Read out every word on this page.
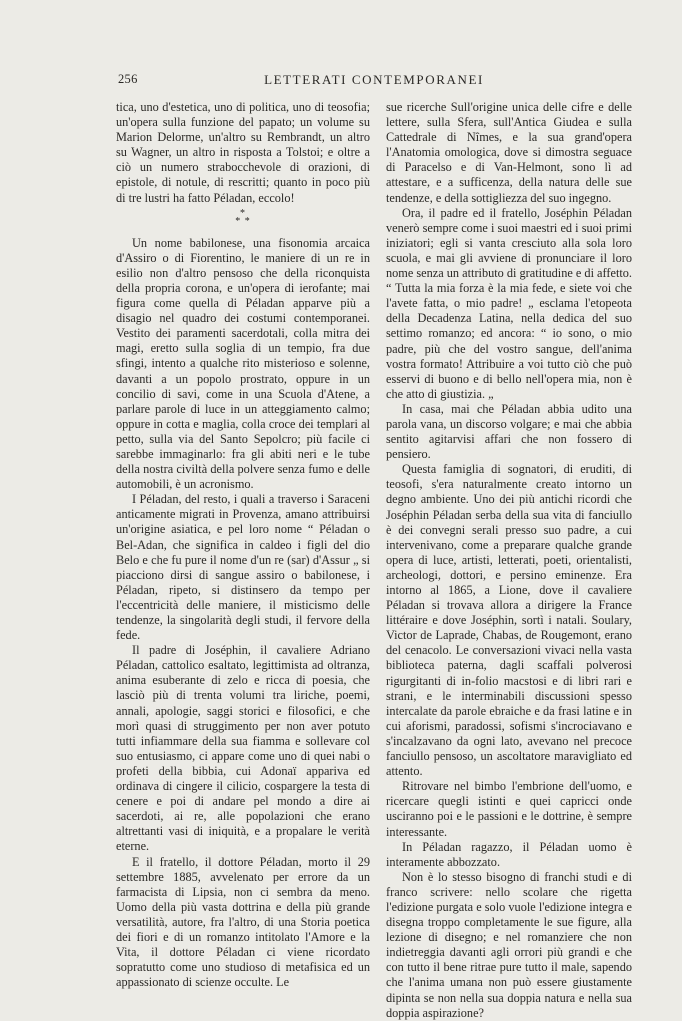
256	LETTERATI CONTEMPORANEI

tica, uno d'estetica, uno di politica, uno di teosofia; un'opera sulla funzione del papato; un volume su Marion Delorme, un'altro su Rembrandt, un altro su Wagner, un altro in risposta a Tolstoi; e oltre a ciò un numero strabocchevole di orazioni, di epistole, di notule, di rescritti; quanto in poco più di tre lustri ha fatto Péladan, eccolo!

*
* *

Un nome babilonese, una fisonomia arcaica d'Assiro o di Fiorentino, le maniere di un re in esilio non d'altro pensoso che della riconquista della propria corona, e un'opera di ierofante; mai figura come quella di Péladan apparve più a disagio nel quadro dei costumi contemporanei. Vestito dei paramenti sacerdotali, colla mitra dei magi, eretto sulla soglia di un tempio, fra due sfingi, intento a qualche rito misterioso e solenne, davanti a un popolo prostrato, oppure in un concilio di savi, come in una Scuola d'Atene, a parlare parole di luce in un atteggiamento calmo; oppure in cotta e maglia, colla croce dei templari al petto, sulla via del Santo Sepolcro; più facile ci sarebbe immaginarlo: fra gli abiti neri e le tube della nostra civiltà della polvere senza fumo e delle automobili, è un acronismo.

I Péladan, del resto, i quali a traverso i Saraceni anticamente migrati in Provenza, amano attribuirsi un'origine asiatica, e pel loro nome “ Péladan o Bel-Adan, che significa in caldeo i figli del dio Belo e che fu pure il nome d'un re (sar) d'Assur „ si piacciono dirsi di sangue assiro o babilonese, i Péladan, ripeto, si distinsero da tempo per l'eccentricità delle maniere, il misticismo delle tendenze, la singolarità degli studi, il fervore della fede.

Il padre di Joséphin, il cavaliere Adriano Péladan, cattolico esaltato, legittimista ad oltranza, anima esuberante di zelo e ricca di poesia, che lasciò più di trenta volumi tra liriche, poemi, annali, apologie, saggi storici e filosofici, e che morì quasi di struggimento per non aver potuto tutti infiammare della sua fiamma e sollevare col suo entusiasmo, ci appare come uno di quei nabi o profeti della bibbia, cui Adonaï appariva ed ordinava di cingere il cilicio, cospargere la testa di cenere e poi di andare pel mondo a dire ai sacerdoti, ai re, alle popolazioni che erano altrettanti vasi di iniquità, e a propalare le verità eterne.

E il fratello, il dottore Péladan, morto il 29 settembre 1885, avvelenato per errore da un farmacista di Lipsia, non ci sembra da meno. Uomo della più vasta dottrina e della più grande versatilità, autore, fra l'altro, di una Storia poetica dei fiori e di un romanzo intitolato l'Amore e la Vita, il dottore Péladan ci viene ricordato sopratutto come uno studioso di metafisica ed un appassionato di scienze occulte. Le

sue ricerche Sull'origine unica delle cifre e delle lettere, sulla Sfera, sull'Antica Giudea e sulla Cattedrale di Nîmes, e la sua grand'opera l'Anatomia omologica, dove si dimostra seguace di Paracelso e di Van-Helmont, sono lì ad attestare, e a sufficenza, della natura delle sue tendenze, e della sottigliezza del suo ingegno.

Ora, il padre ed il fratello, Joséphin Péladan venerò sempre come i suoi maestri ed i suoi primi iniziatori; egli si vanta cresciuto alla sola loro scuola, e mai gli avviene di pronunciare il loro nome senza un attributo di gratitudine e di affetto. “ Tutta la mia forza è la mia fede, e siete voi che l'avete fatta, o mio padre! „ esclama l'etopeota della Decadenza Latina, nella dedica del suo settimo romanzo; ed ancora: “ io sono, o mio padre, più che del vostro sangue, dell'anima vostra formato! Attribuire a voi tutto ciò che può esservi di buono e di bello nell'opera mia, non è che atto di giustizia. „

In casa, mai che Péladan abbia udito una parola vana, un discorso volgare; e mai che abbia sentito agitarvisi affari che non fossero di pensiero.

Questa famiglia di sognatori, di eruditi, di teosofi, s'era naturalmente creato intorno un degno ambiente. Uno dei più antichi ricordi che Joséphin Péladan serba della sua vita di fanciullo è dei convegni serali presso suo padre, a cui intervenivano, come a preparare qualche grande opera di luce, artisti, letterati, poeti, orientalisti, archeologi, dottori, e persino eminenze. Era intorno al 1865, a Lione, dove il cavaliere Péladan si trovava allora a dirigere la France littéraire e dove Joséphin, sortì i natali. Soulary, Victor de Laprade, Chabas, de Rougemont, erano del cenacolo. Le conversazioni vivaci nella vasta biblioteca paterna, dagli scaffali polverosi rigurgitanti di in-folio macstosi e di libri rari e strani, e le interminabili discussioni spesso intercalate da parole ebraiche e da frasi latine e in cui aforismi, paradossi, sofismi s'incrociavano e s'incalzavano da ogni lato, avevano nel precoce fanciullo pensoso, un ascoltatore maravigliato ed attento.

Ritrovare nel bimbo l'embrione dell'uomo, e ricercare quegli istinti e quei capricci onde usciranno poi e le passioni e le dottrine, è sempre interessante.

In Péladan ragazzo, il Péladan uomo è interamente abbozzato.

Non è lo stesso bisogno di franchi studi e di franco scrivere: nello scolare che rigetta l'edizione purgata e solo vuole l'edizione integra e disegna troppo completamente le sue figure, alla lezione di disegno; e nel romanziere che non indietreggia davanti agli orrori più grandi e che con tutto il bene ritrae pure tutto il male, sapendo che l'anima umana non può essere giustamente dipinta se non nella sua doppia natura e nella sua doppia aspirazione?
